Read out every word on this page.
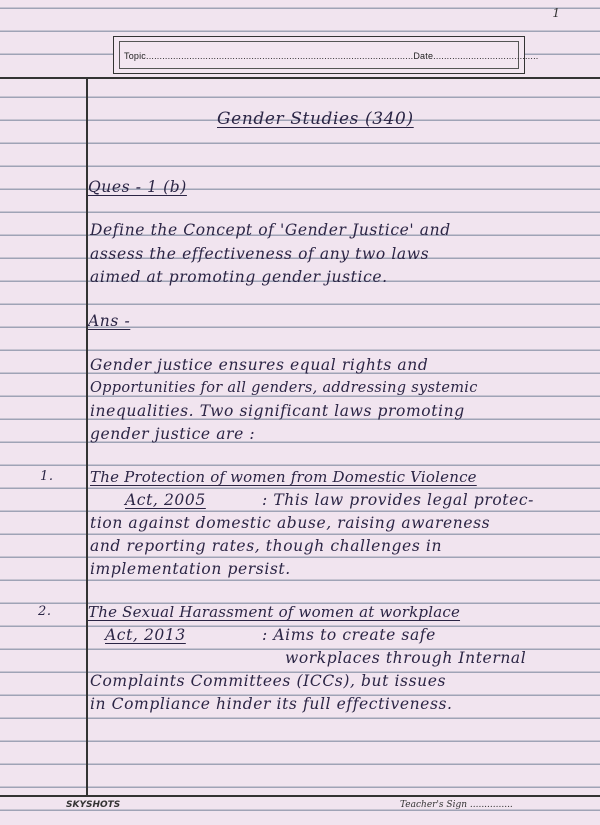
1
Topic...................................................................................................Date.......................................
Gender Studies (340)
Ques - 1 (b)
Define the Concept of 'Gender Justice' and
assess the effectiveness of any two laws
aimed at promoting gender justice.
Ans -
Gender justice ensures equal rights and
Opportunities for all genders, addressing systemic
inequalities. Two significant laws promoting
gender justice are :
1. The Protection of women from Domestic Violence
Act, 2005	: This law provides legal protec-
tion against domestic abuse, raising awareness
and reporting rates, though challenges in
implementation persist.
2. The Sexual Harassment of women at workplace
Act, 2013	: Aims to create safe
workplaces through Internal
Complaints Committees (ICCs), but issues
in Compliance hinder its full effectiveness.
SKYSHOTS	Teacher's Sign ...............
